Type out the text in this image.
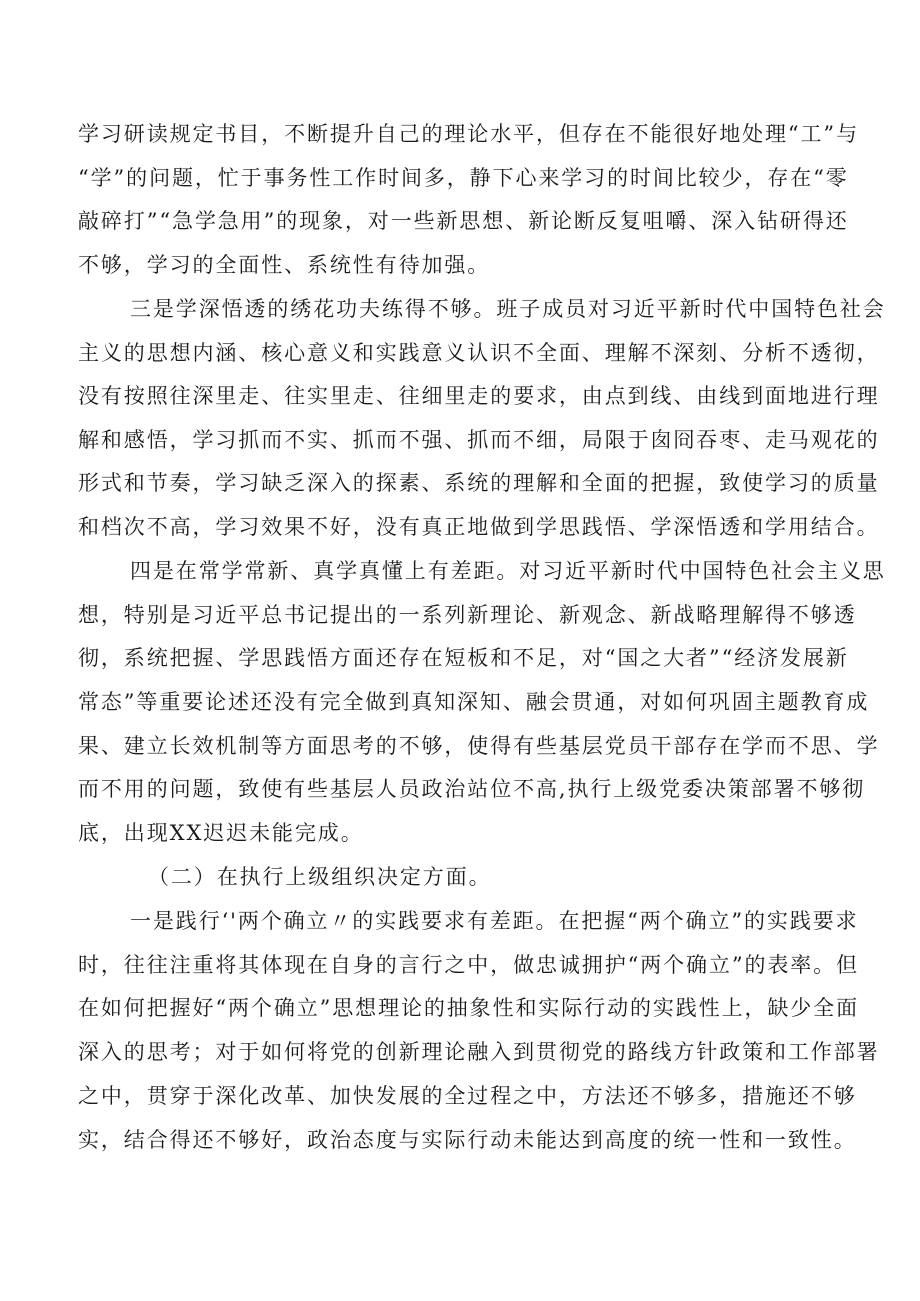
学习研读规定书目，不断提升自己的理论水平，但存在不能很好地处理“工”与
“学”的问题，忙于事务性工作时间多，静下心来学习的时间比较少，存在“零
敲碎打”“急学急用”的现象，对一些新思想、新论断反复咀嚼、深入钻研得还
不够，学习的全面性、系统性有待加强。
三是学深悟透的绣花功夫练得不够。班子成员对习近平新时代中国特色社会
主义的思想内涵、核心意义和实践意义认识不全面、理解不深刻、分析不透彻，
没有按照往深里走、往实里走、往细里走的要求，由点到线、由线到面地进行理
解和感悟，学习抓而不实、抓而不强、抓而不细，局限于囱冏吞枣、走马观花的
形式和节奏，学习缺乏深入的探素、系统的理解和全面的把握，致使学习的质量
和档次不高，学习效果不好，没有真正地做到学思践悟、学深悟透和学用结合。
四是在常学常新、真学真懂上有差距。对习近平新时代中国特色社会主义思
想，特别是习近平总书记提出的一系列新理论、新观念、新战略理解得不够透
彻，系统把握、学思践悟方面还存在短板和不足，对“国之大者”“经济发展新
常态”等重要论述还没有完全做到真知深知、融会贯通，对如何巩固主题教育成
果、建立长效机制等方面思考的不够，使得有些基层党员干部存在学而不思、学
而不用的问题，致使有些基层人员政治站位不高,执行上级党委决策部署不够彻
底，出现XX迟迟未能完成。
（二）在执行上级组织决定方面。
一是践行‘'两个确立〃的实践要求有差距。在把握“两个确立”的实践要求
时，往往注重将其体现在自身的言行之中，做忠诚拥护“两个确立”的表率。但
在如何把握好“两个确立”思想理论的抽象性和实际行动的实践性上，缺少全面
深入的思考；对于如何将党的创新理论融入到贯彻党的路线方针政策和工作部署
之中，贯穿于深化改革、加快发展的全过程之中，方法还不够多，措施还不够
实，结合得还不够好，政治态度与实际行动未能达到高度的统一性和一致性。
